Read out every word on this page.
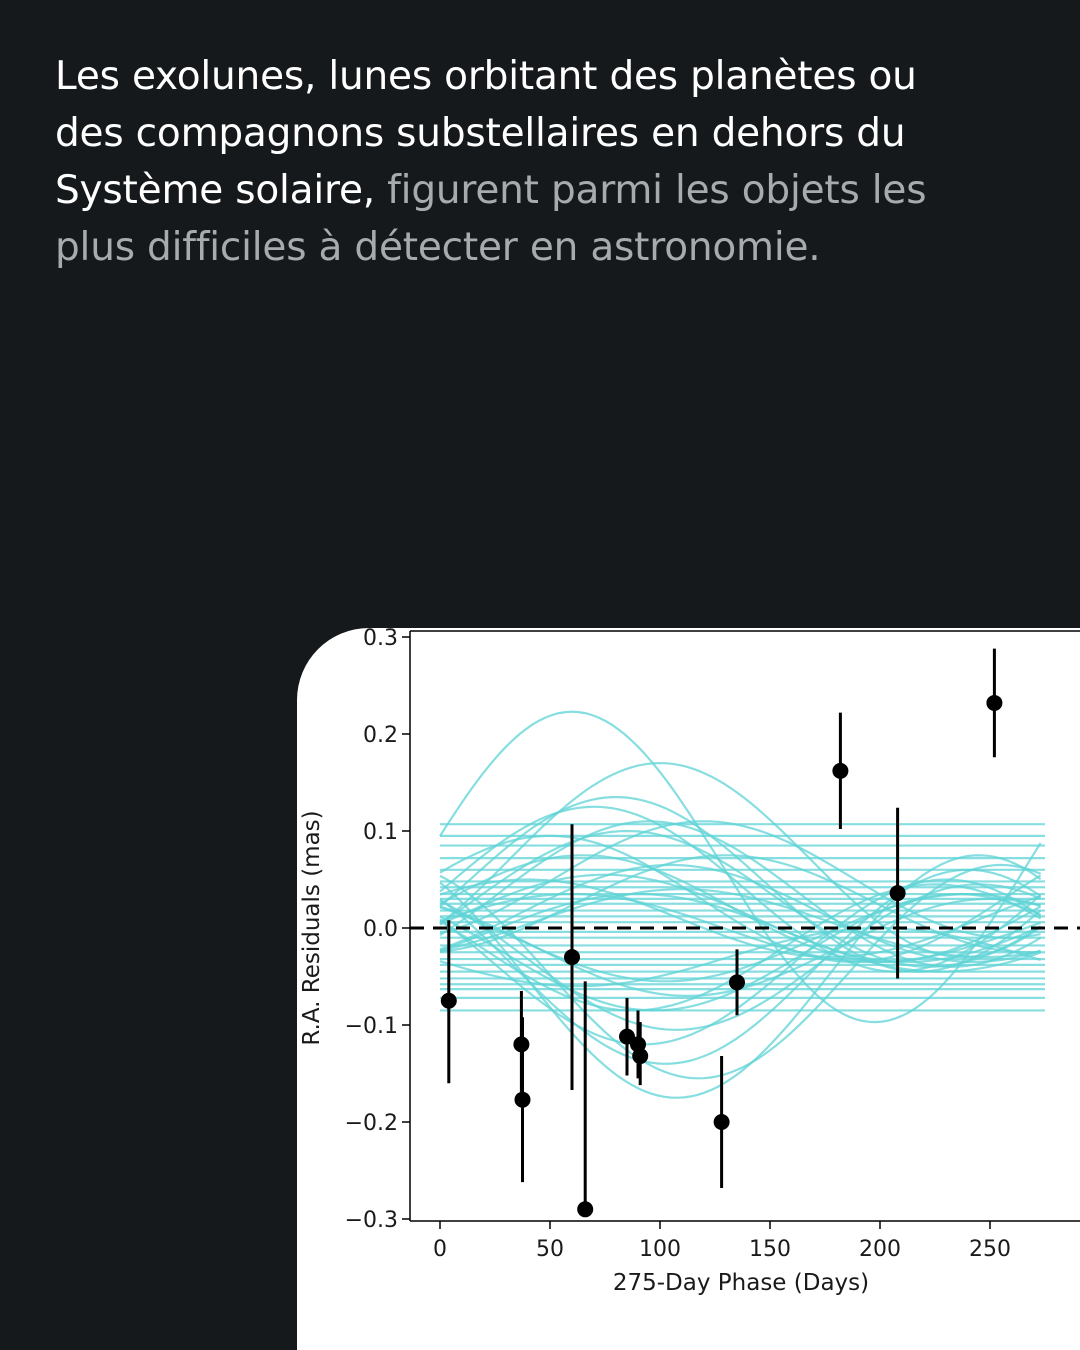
Les exolunes, lunes orbitant des planètes ou des compagnons substellaires en dehors du Système solaire, figurent parmi les objets les plus difficiles à détecter en astronomie.

−0.3
−0.2
−0.1
0.0
0.1
0.2
0.3
0	50	100	150	200	250
275-Day Phase (Days)
R.A. Residuals (mas)
